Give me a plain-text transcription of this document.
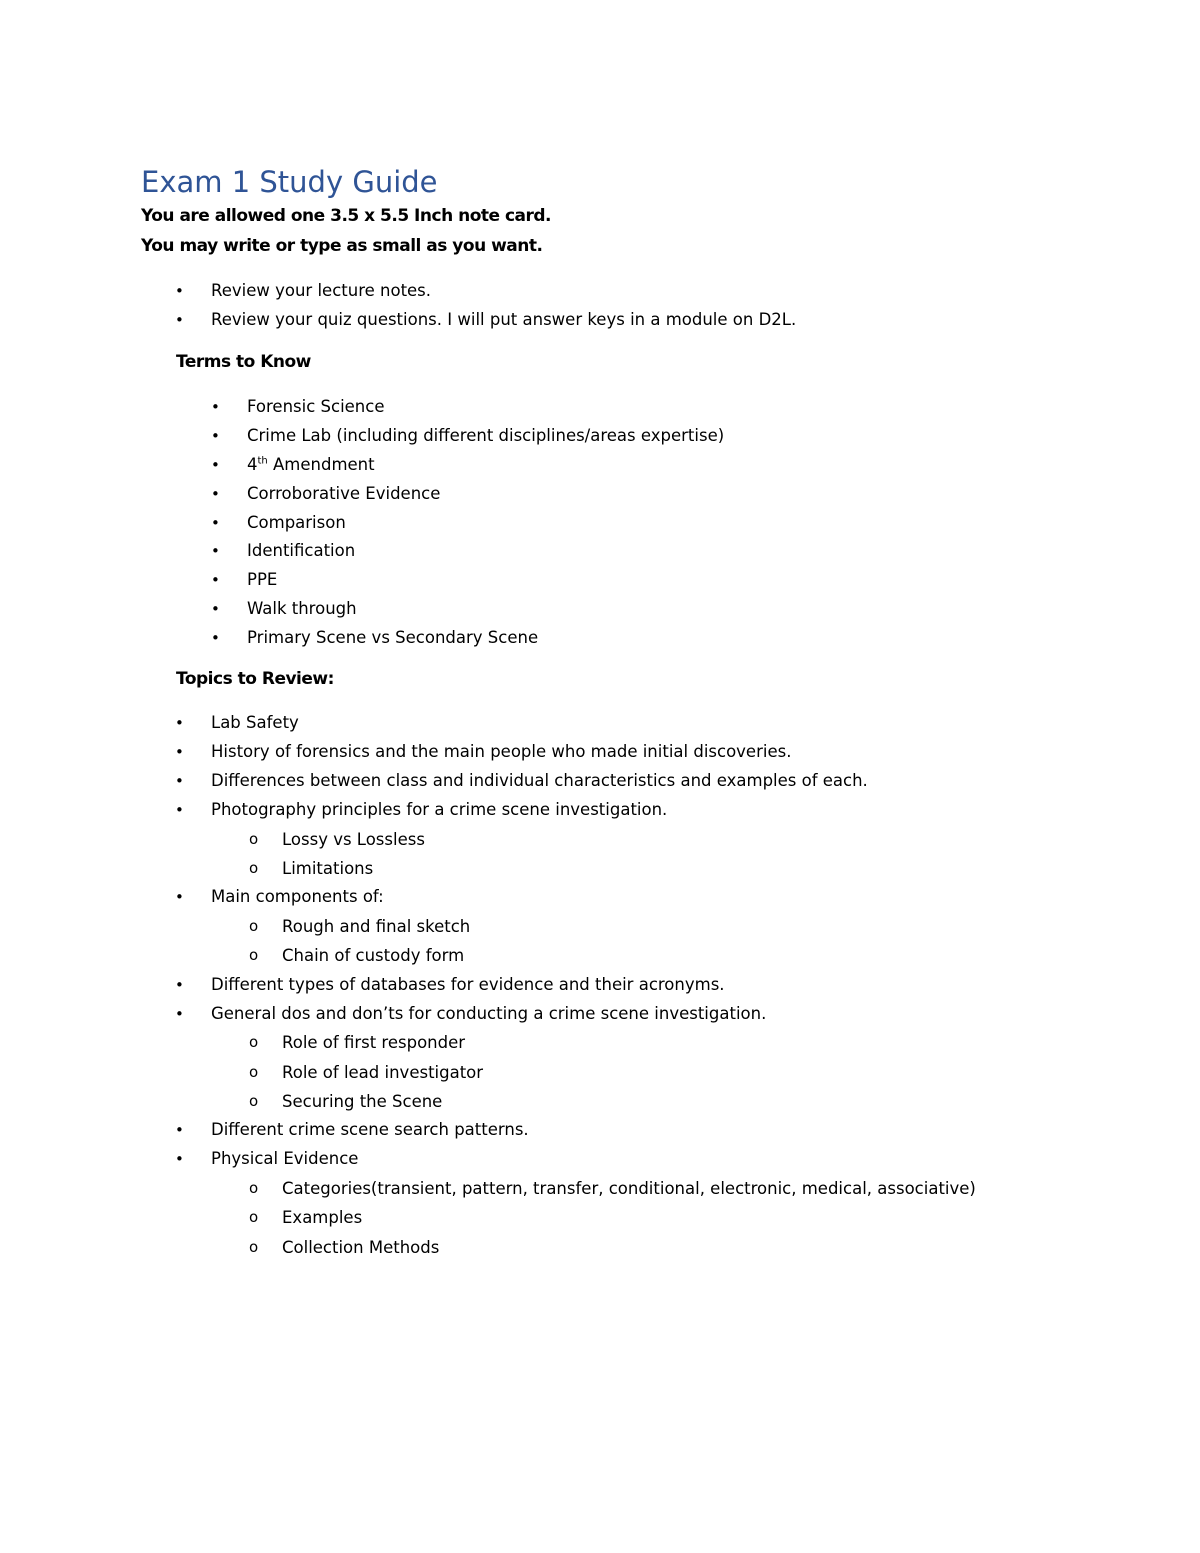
Exam 1 Study Guide

You are allowed one 3.5 x 5.5 Inch note card.

You may write or type as small as you want.

•	Review your lecture notes.
•	Review your quiz questions. I will put answer keys in a module on D2L.
Terms to Know
•	Forensic Science
•	Crime Lab (including different disciplines/areas expertise)
•	4th Amendment
•	Corroborative Evidence
•	Comparison
•	Identification
•	PPE
•	Walk through
•	Primary Scene vs Secondary Scene
Topics to Review:
•	Lab Safety
•	History of forensics and the main people who made initial discoveries.
•	Differences between class and individual characteristics and examples of each.
•	Photography principles for a crime scene investigation.
o	Lossy vs Lossless
o	Limitations
•	Main components of:
o	Rough and final sketch
o	Chain of custody form
•	Different types of databases for evidence and their acronyms.
•	General dos and don’ts for conducting a crime scene investigation.
o	Role of first responder
o	Role of lead investigator
o	Securing the Scene
•	Different crime scene search patterns.
•	Physical Evidence
o	Categories(transient, pattern, transfer, conditional, electronic, medical, associative)
o	Examples
o	Collection Methods
